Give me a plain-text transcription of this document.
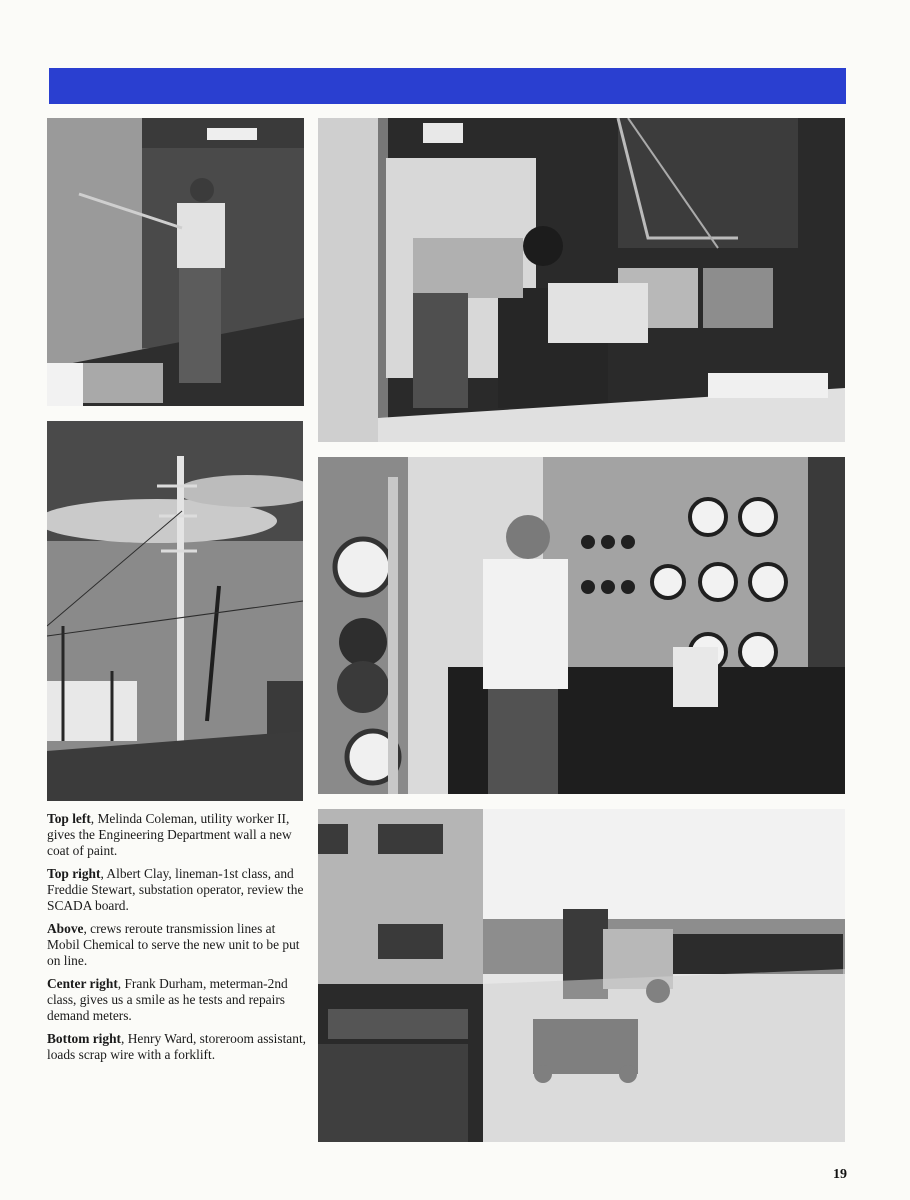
Top left, Melinda Coleman, utility worker II, gives the Engineering Department wall a new coat of paint.

Top right, Albert Clay, lineman-1st class, and Freddie Stewart, substation operator, review the SCADA board.

Above, crews reroute transmission lines at Mobil Chemical to serve the new unit to be put on line.

Center right, Frank Durham, meterman-2nd class, gives us a smile as he tests and repairs demand meters.

Bottom right, Henry Ward, storeroom assistant, loads scrap wire with a forklift.

19
